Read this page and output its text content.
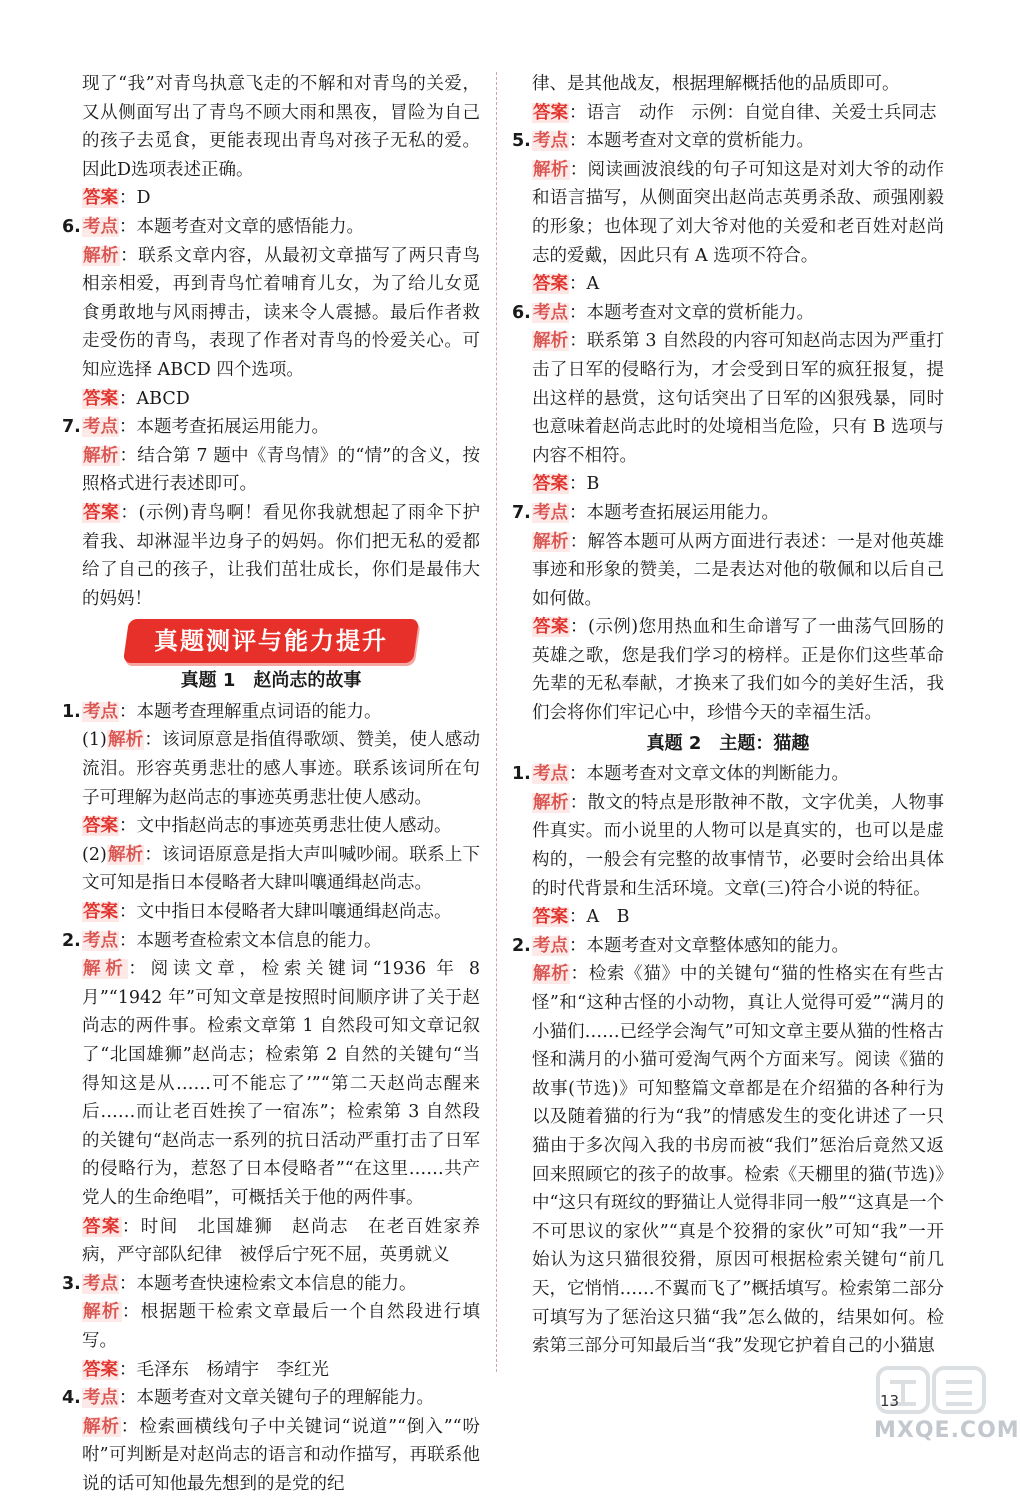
现了“我”对青鸟执意飞走的不解和对青鸟的关爱，又从侧面写出了青鸟不顾大雨和黑夜，冒险为自己的孩子去觅食，更能表现出青鸟对孩子无私的爱。因此D选项表述正确。

答案：D

6. 考点：本题考查对文章的感悟能力。

解析：联系文章内容，从最初文章描写了两只青鸟相亲相爱，再到青鸟忙着哺育儿女，为了给儿女觅食勇敢地与风雨搏击，读来令人震撼。最后作者救走受伤的青鸟，表现了作者对青鸟的怜爱关心。可知应选择 ABCD 四个选项。

答案：ABCD

7. 考点：本题考查拓展运用能力。

解析：结合第 7 题中《青鸟情》的“情”的含义，按照格式进行表述即可。

答案：(示例)青鸟啊！看见你我就想起了雨伞下护着我、却淋湿半边身子的妈妈。你们把无私的爱都给了自己的孩子，让我们茁壮成长，你们是最伟大的妈妈！

真题测评与能力提升
真题 1　赵尚志的故事
1. 考点：本题考查理解重点词语的能力。

(1)解析：该词原意是指值得歌颂、赞美，使人感动流泪。形容英勇悲壮的感人事迹。联系该词所在句子可理解为赵尚志的事迹英勇悲壮使人感动。

答案：文中指赵尚志的事迹英勇悲壮使人感动。

(2)解析：该词语原意是指大声叫喊吵闹。联系上下文可知是指日本侵略者大肆叫嚷通缉赵尚志。

答案：文中指日本侵略者大肆叫嚷通缉赵尚志。

2. 考点：本题考查检索文本信息的能力。

解析：阅读文章，检索关键词“1936 年 8 月”“1942 年”可知文章是按照时间顺序讲了关于赵尚志的两件事。检索文章第 1 自然段可知文章记叙了“北国雄狮”赵尚志；检索第 2 自然的关键句“当得知这是从……可不能忘了’”“第二天赵尚志醒来后……而让老百姓挨了一宿冻”；检索第 3 自然段的关键句“赵尚志一系列的抗日活动严重打击了日军的侵略行为，惹怒了日本侵略者”“在这里……共产党人的生命绝唱”，可概括关于他的两件事。

答案：时间　北国雄狮　赵尚志　在老百姓家养病，严守部队纪律　被俘后宁死不屈，英勇就义

3. 考点：本题考查快速检索文本信息的能力。

解析：根据题干检索文章最后一个自然段进行填写。

答案：毛泽东　杨靖宇　李红光

4. 考点：本题考查对文章关键句子的理解能力。

解析：检索画横线句子中关键词“说道”“倒入”“吩咐”可判断是对赵尚志的语言和动作描写，再联系他说的话可知他最先想到的是党的纪

律、是其他战友，根据理解概括他的品质即可。

答案：语言　动作　示例：自觉自律、关爱士兵同志

5. 考点：本题考查对文章的赏析能力。

解析：阅读画波浪线的句子可知这是对刘大爷的动作和语言描写，从侧面突出赵尚志英勇杀敌、顽强刚毅的形象；也体现了刘大爷对他的关爱和老百姓对赵尚志的爱戴，因此只有 A 选项不符合。

答案：A

6. 考点：本题考查对文章的赏析能力。

解析：联系第 3 自然段的内容可知赵尚志因为严重打击了日军的侵略行为，才会受到日军的疯狂报复，提出这样的悬赏，这句话突出了日军的凶狠残暴，同时也意味着赵尚志此时的处境相当危险，只有 B 选项与内容不相符。

答案：B

7. 考点：本题考查拓展运用能力。

解析：解答本题可从两方面进行表述：一是对他英雄事迹和形象的赞美，二是表达对他的敬佩和以后自己如何做。

答案：(示例)您用热血和生命谱写了一曲荡气回肠的英雄之歌，您是我们学习的榜样。正是你们这些革命先辈的无私奉献，才换来了我们如今的美好生活，我们会将你们牢记心中，珍惜今天的幸福生活。

真题 2　主题：猫趣
1. 考点：本题考查对文章文体的判断能力。

解析：散文的特点是形散神不散，文字优美，人物事件真实。而小说里的人物可以是真实的，也可以是虚构的，一般会有完整的故事情节，必要时会给出具体的时代背景和生活环境。文章(三)符合小说的特征。

答案：A　B

2. 考点：本题考查对文章整体感知的能力。

解析：检索《猫》中的关键句“猫的性格实在有些古怪”和“这种古怪的小动物，真让人觉得可爱”“满月的小猫们……已经学会淘气”可知文章主要从猫的性格古怪和满月的小猫可爱淘气两个方面来写。阅读《猫的故事(节选)》可知整篇文章都是在介绍猫的各种行为以及随着猫的行为“我”的情感发生的变化讲述了一只猫由于多次闯入我的书房而被“我们”惩治后竟然又返回来照顾它的孩子的故事。检索《天棚里的猫(节选)》中“这只有斑纹的野猫让人觉得非同一般”“这真是一个不可思议的家伙”“真是个狡猾的家伙”可知“我”一开始认为这只猫很狡猾，原因可根据检索关键句“前几天，它悄悄……不翼而飞了”概括填写。检索第二部分可填写为了惩治这只猫“我”怎么做的，结果如何。检索第三部分可知最后当“我”发现它护着自己的小猫崽

13
MXQE.COM
